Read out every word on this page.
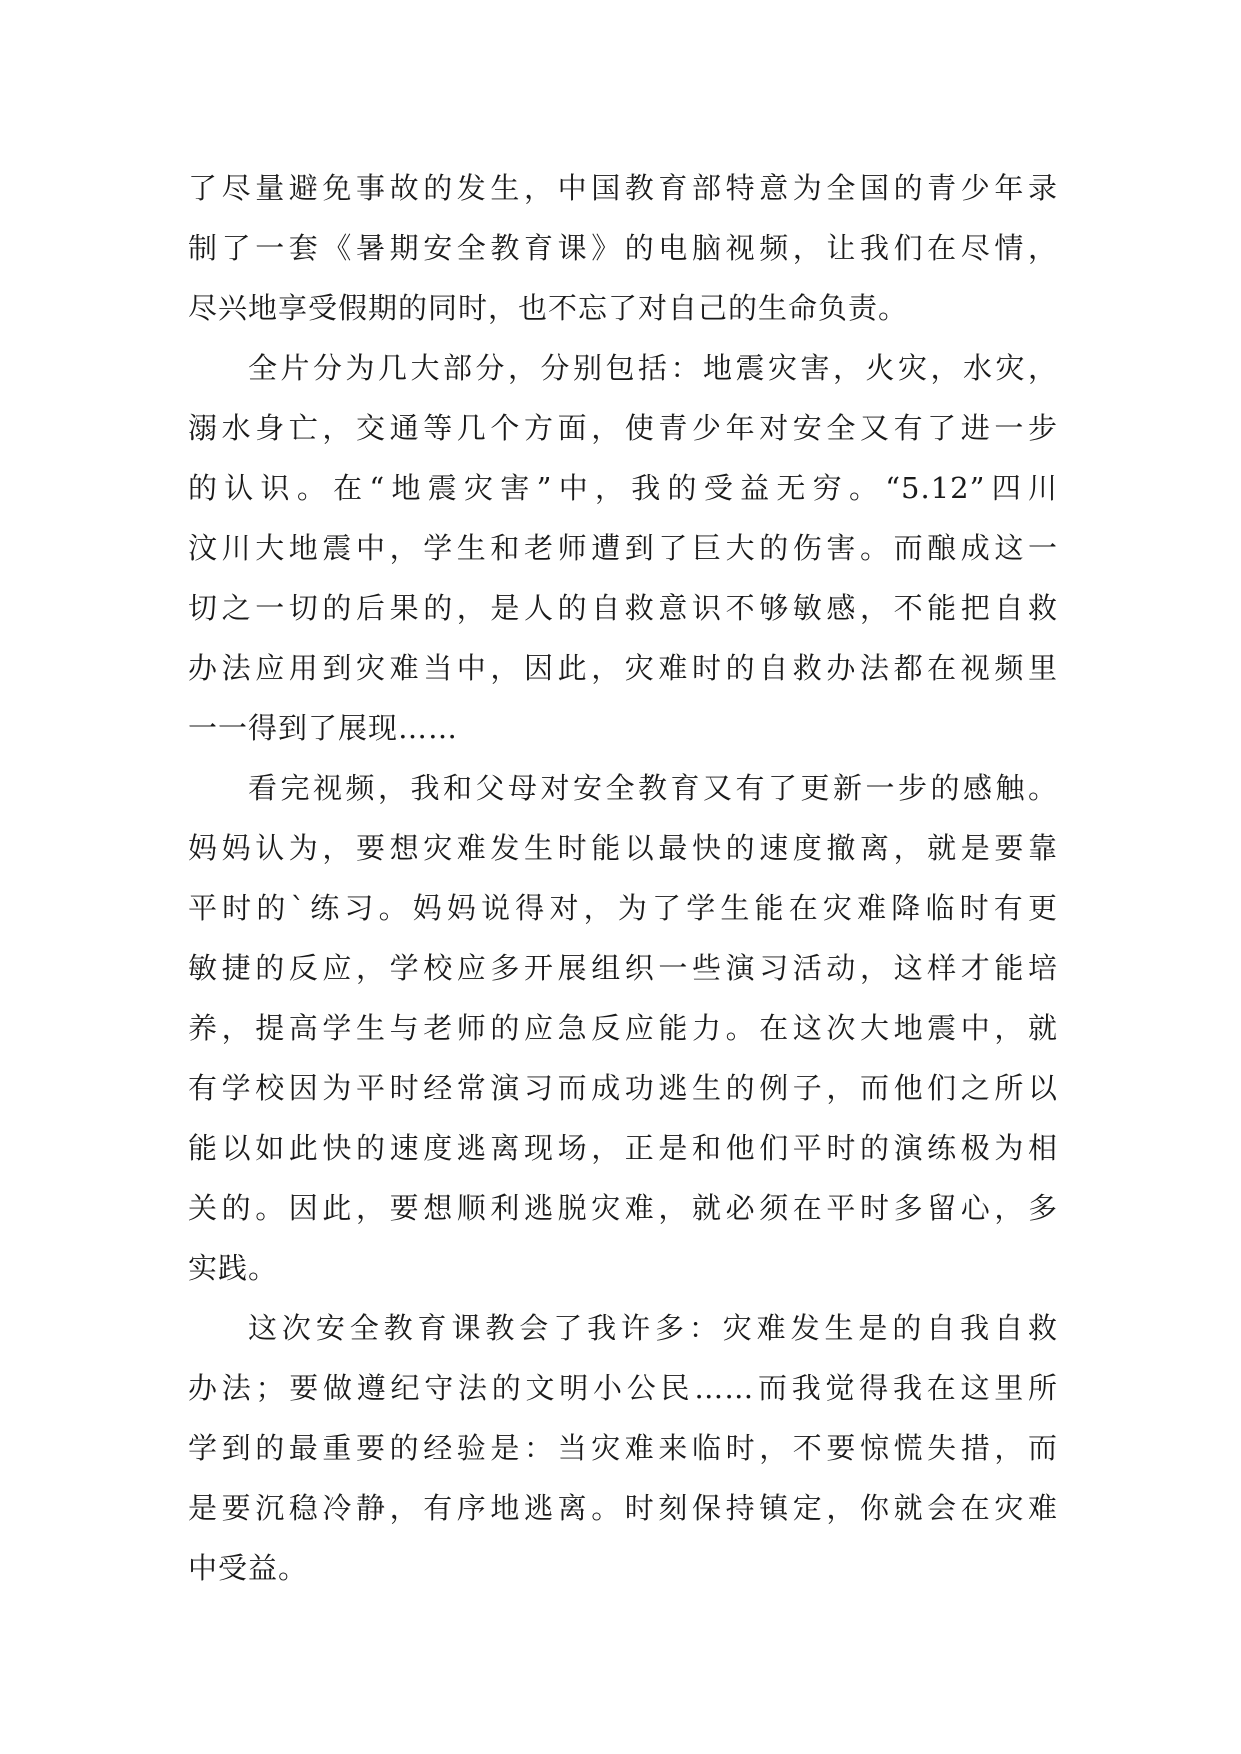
了尽量避免事故的发生，中国教育部特意为全国的青少年录
制了一套《暑期安全教育课》的电脑视频，让我们在尽情，
尽兴地享受假期的同时，也不忘了对自己的生命负责。
全片分为几大部分，分别包括：地震灾害，火灾，水灾，
溺水身亡，交通等几个方面，使青少年对安全又有了进一步
的认识。在“地震灾害”中，我的受益无穷。“5.12”四川
汶川大地震中，学生和老师遭到了巨大的伤害。而酿成这一
切之一切的后果的，是人的自救意识不够敏感，不能把自救
办法应用到灾难当中，因此，灾难时的自救办法都在视频里
一一得到了展现……
看完视频，我和父母对安全教育又有了更新一步的感触。
妈妈认为，要想灾难发生时能以最快的速度撤离，就是要靠
平时的`练习。妈妈说得对，为了学生能在灾难降临时有更
敏捷的反应，学校应多开展组织一些演习活动，这样才能培
养，提高学生与老师的应急反应能力。在这次大地震中，就
有学校因为平时经常演习而成功逃生的例子，而他们之所以
能以如此快的速度逃离现场，正是和他们平时的演练极为相
关的。因此，要想顺利逃脱灾难，就必须在平时多留心，多
实践。
这次安全教育课教会了我许多：灾难发生是的自我自救
办法；要做遵纪守法的文明小公民……而我觉得我在这里所
学到的最重要的经验是：当灾难来临时，不要惊慌失措，而
是要沉稳冷静，有序地逃离。时刻保持镇定，你就会在灾难
中受益。
